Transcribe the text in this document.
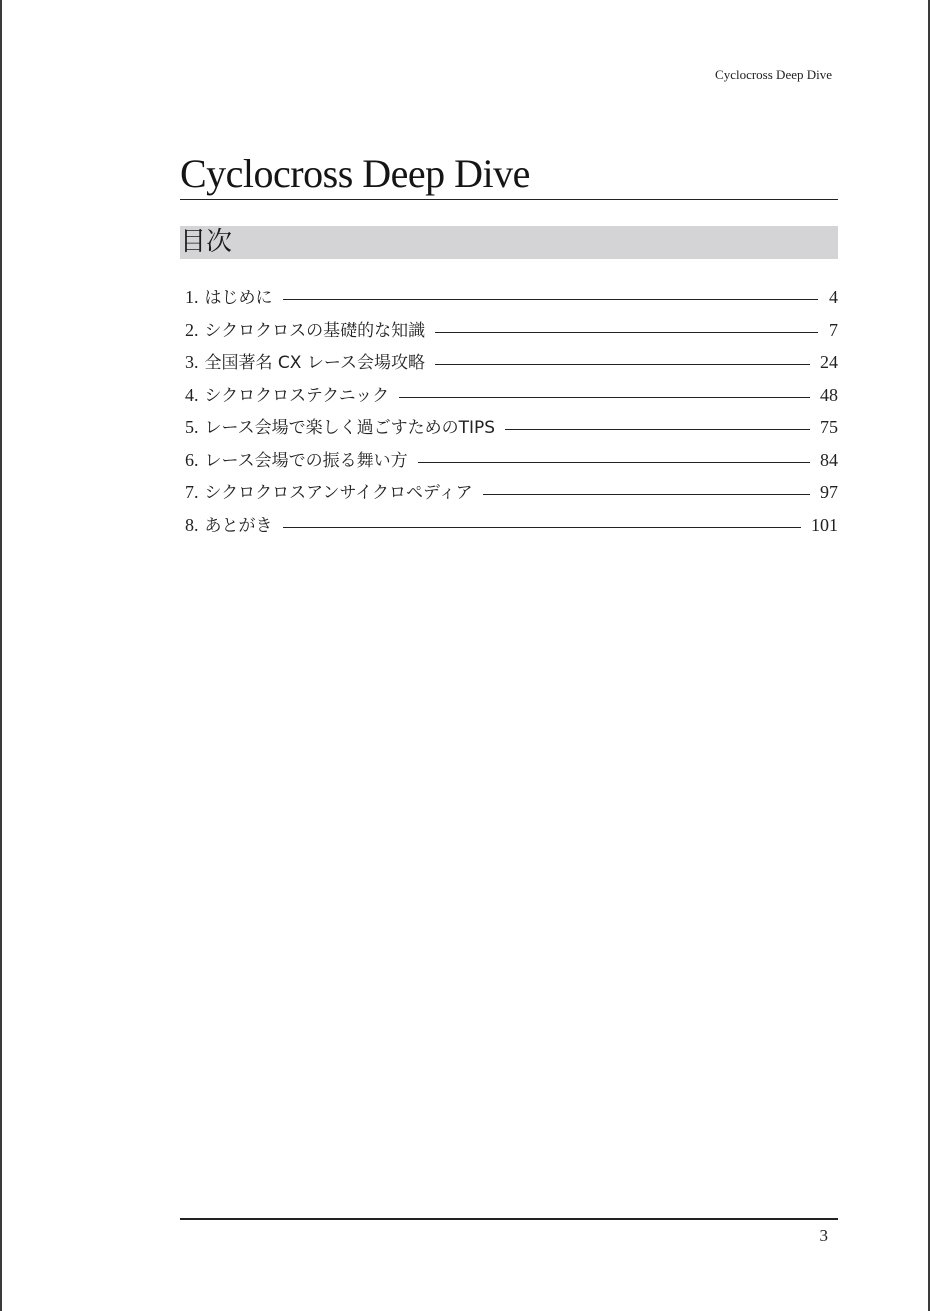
Cyclocross Deep Dive
Cyclocross Deep Dive
目次
1. はじめに	4
2. シクロクロスの基礎的な知識	7
3. 全国著名 CX レース会場攻略	24
4. シクロクロステクニック	48
5. レース会場で楽しく過ごすためのTIPS	75
6. レース会場での振る舞い方	84
7. シクロクロスアンサイクロペディア	97
8. あとがき	101
3
